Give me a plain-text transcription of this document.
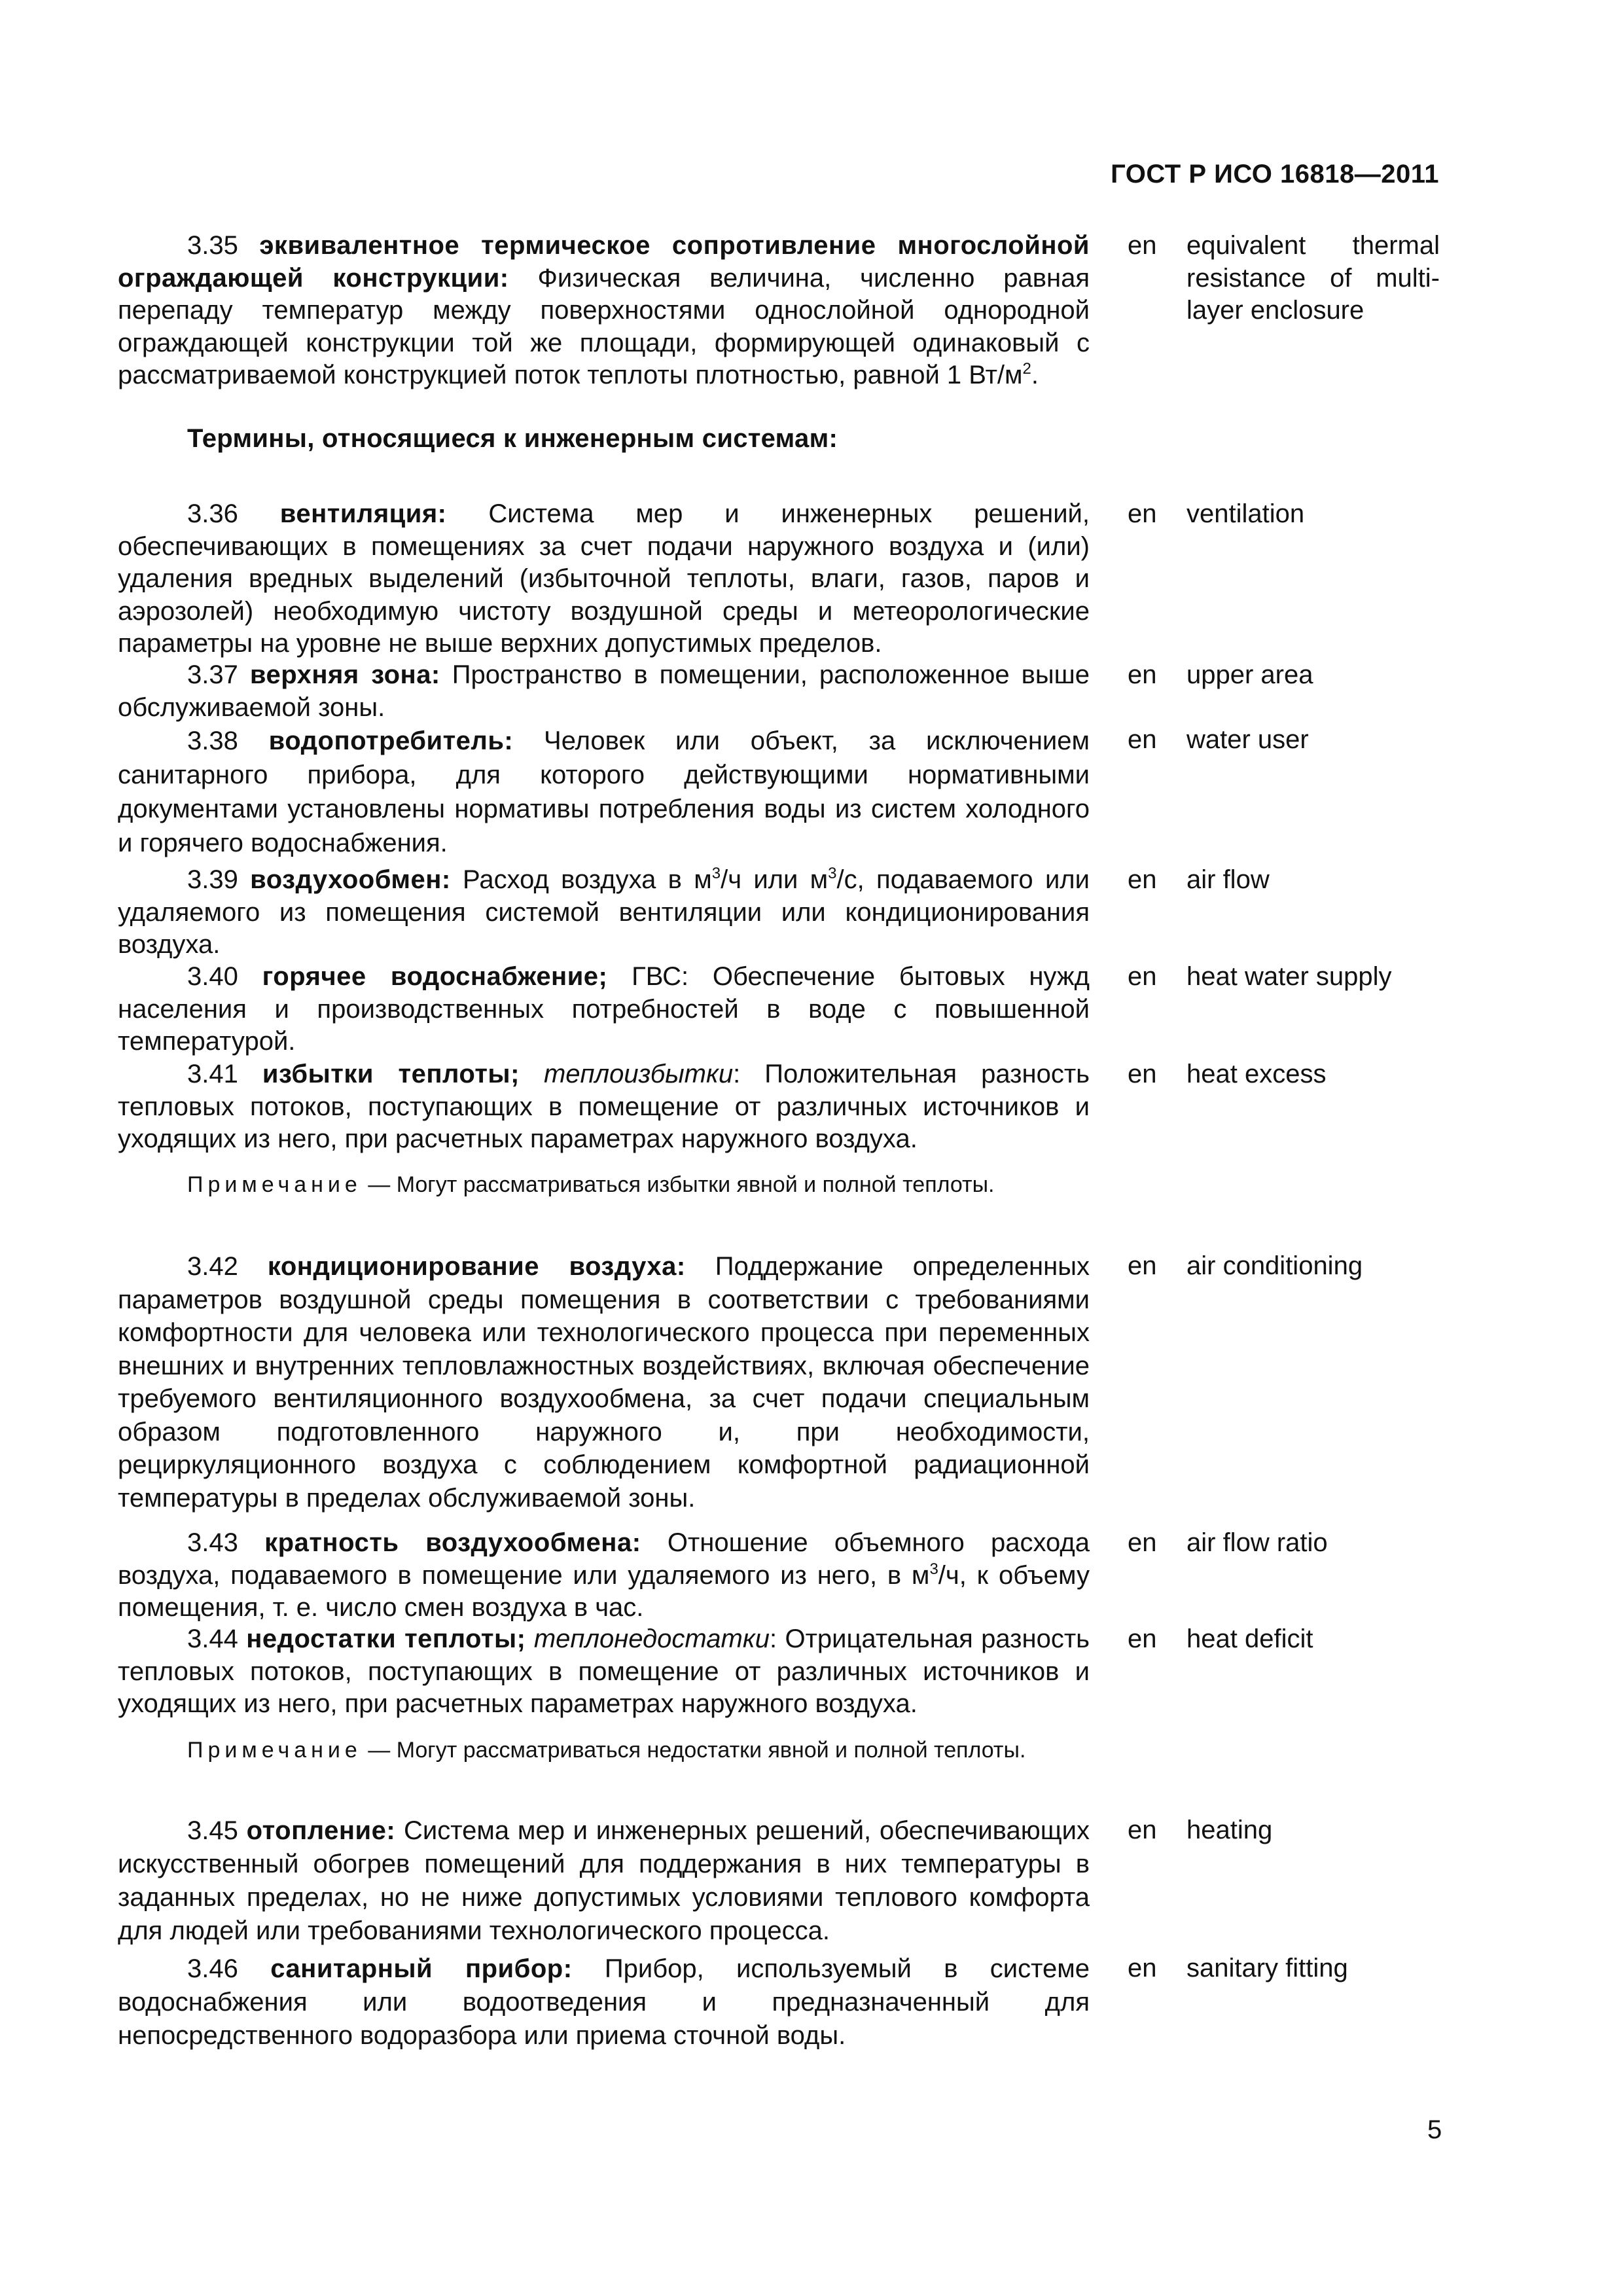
ГОСТ Р ИСО 16818—2011
3.35 эквивалентное термическое сопротивление многослойной ограждающей конструкции: Физическая величина, численно равная перепаду температур между поверхностями однослойной однородной ограждающей конструкции той же площади, формирующей одинаковый с рассматриваемой конструкцией поток теплоты плотностью, равной 1 $Вт/м^2$.
en equivalent thermal resistance of multi-layer enclosure
Термины, относящиеся к инженерным системам:
3.36 вентиляция: Система мер и инженерных решений, обеспечивающих в помещениях за счет подачи наружного воздуха и (или) удаления вредных выделений (избыточной теплоты, влаги, газов, паров и аэрозолей) необходимую чистоту воздушной среды и метеорологические параметры на уровне не выше верхних допустимых пределов.
en ventilation
3.37 верхняя зона: Пространство в помещении, расположенное выше обслуживаемой зоны.
en upper area
3.38 водопотребитель: Человек или объект, за исключением санитарного прибора, для которого действующими нормативными документами установлены нормативы потребления воды из систем холодного и горячего водоснабжения.
en water user
3.39 воздухообмен: Расход воздуха в $м^3/ч$ или $м^3/с$, подаваемого или удаляемого из помещения системой вентиляции или кондиционирования воздуха.
en air flow
3.40 горячее водоснабжение; ГВС: Обеспечение бытовых нужд населения и производственных потребностей в воде с повышенной температурой.
en heat water supply
3.41 избытки теплоты; теплоизбытки: Положительная разность тепловых потоков, поступающих в помещение от различных источников и уходящих из него, при расчетных параметрах наружного воздуха.
en heat excess
Примечание — Могут рассматриваться избытки явной и полной теплоты.
3.42 кондиционирование воздуха: Поддержание определенных параметров воздушной среды помещения в соответствии с требованиями комфортности для человека или технологического процесса при переменных внешних и внутренних тепловлажностных воздействиях, включая обеспечение требуемого вентиляционного воздухообмена, за счет подачи специальным образом подготовленного наружного и, при необходимости, рециркуляционного воздуха с соблюдением комфортной радиационной температуры в пределах обслуживаемой зоны.
en air conditioning
3.43 кратность воздухообмена: Отношение объемного расхода воздуха, подаваемого в помещение или удаляемого из него, в $м^3/ч$, к объему помещения, т. е. число смен воздуха в час.
en air flow ratio
3.44 недостатки теплоты; теплонедостатки: Отрицательная разность тепловых потоков, поступающих в помещение от различных источников и уходящих из него, при расчетных параметрах наружного воздуха.
en heat deficit
Примечание — Могут рассматриваться недостатки явной и полной теплоты.
3.45 отопление: Система мер и инженерных решений, обеспечивающих искусственный обогрев помещений для поддержания в них температуры в заданных пределах, но не ниже допустимых условиями теплового комфорта для людей или требованиями технологического процесса.
en heating
3.46 санитарный прибор: Прибор, используемый в системе водоснабжения или водоотведения и предназначенный для непосредственного водоразбора или приема сточной воды.
en sanitary fitting
5
